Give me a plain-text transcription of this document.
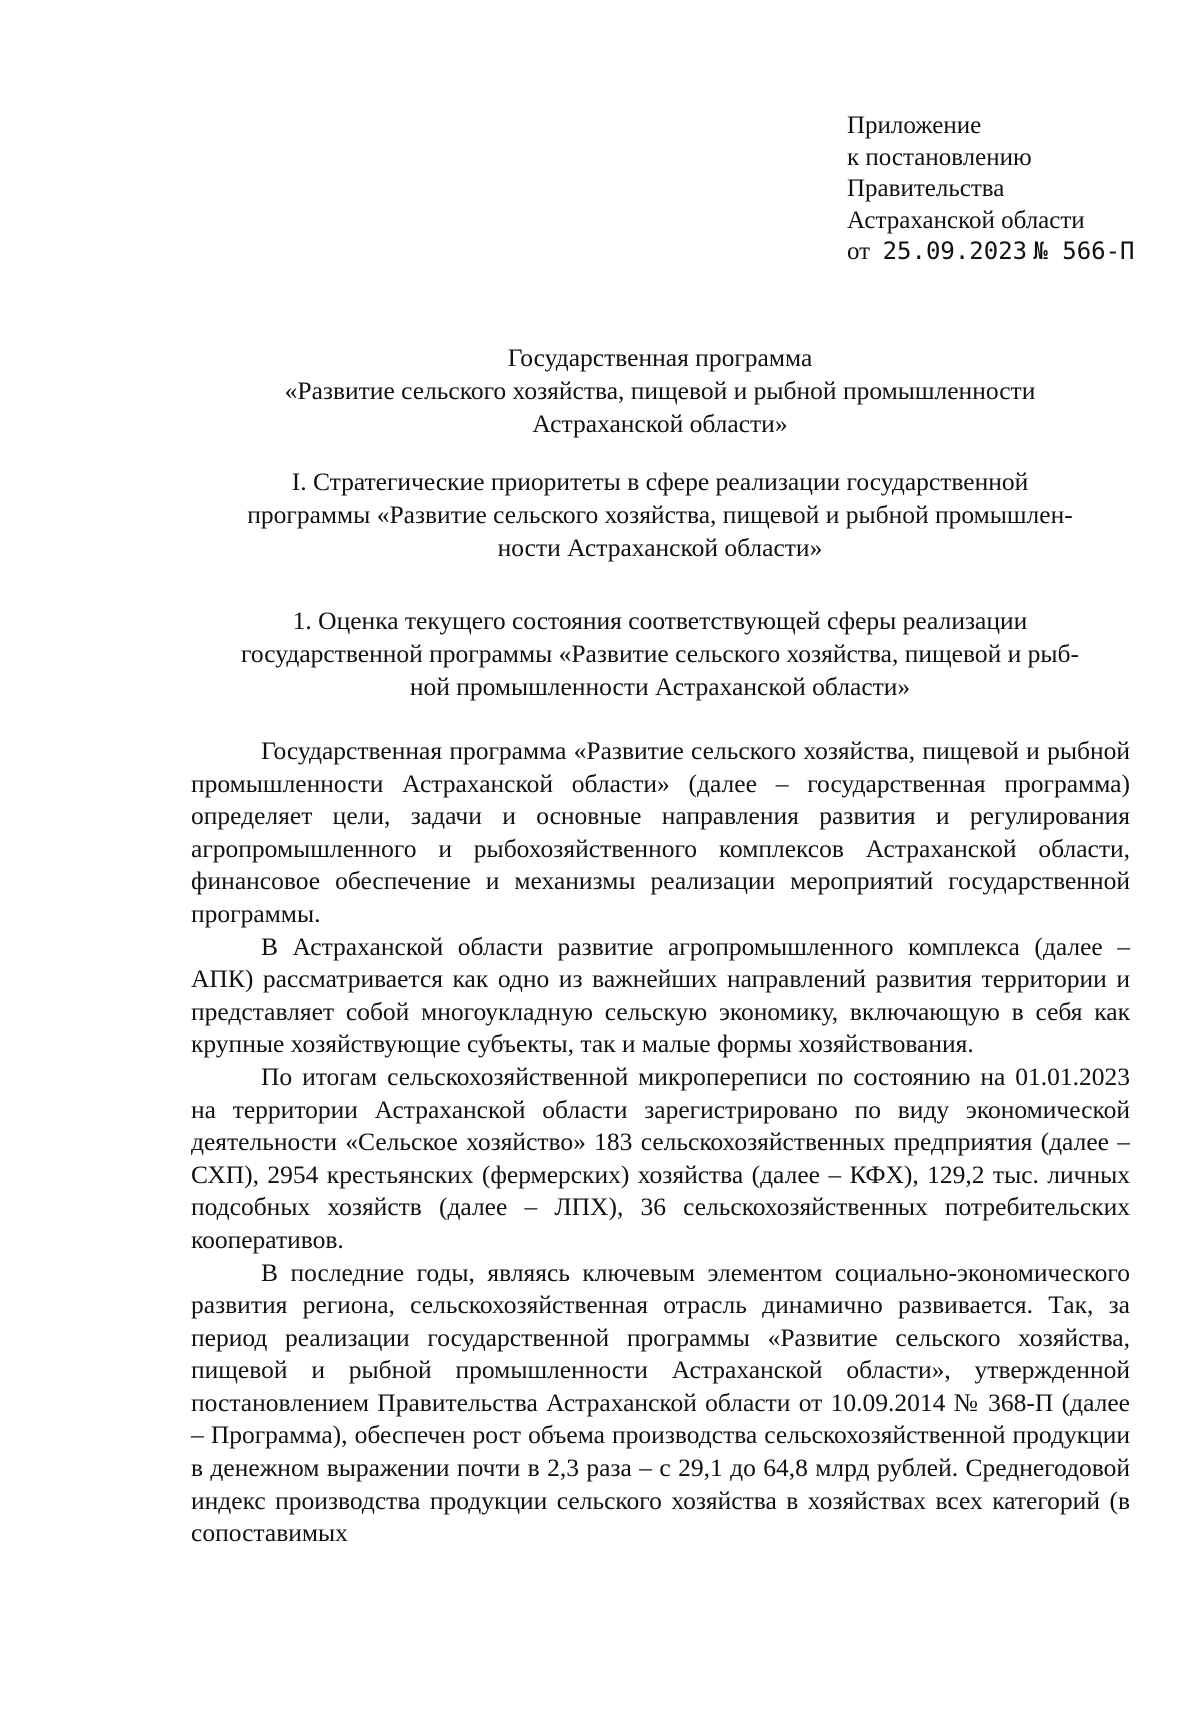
Приложение
к постановлению
Правительства
Астраханской области
от 25.09.2023 № 566-П
Государственная программа
«Развитие сельского хозяйства, пищевой и рыбной промышленности
Астраханской области»
I. Стратегические приоритеты в сфере реализации государственной
программы «Развитие сельского хозяйства, пищевой и рыбной промышлен-
ности Астраханской области»
1. Оценка текущего состояния соответствующей сферы реализации
государственной программы «Развитие сельского хозяйства, пищевой и рыб-
ной промышленности Астраханской области»

Государственная программа «Развитие сельского хозяйства, пищевой и рыбной промышленности Астраханской области» (далее – государственная программа) определяет цели, задачи и основные направления развития и регулирования агропромышленного и рыбохозяйственного комплексов Астраханской области, финансовое обеспечение и механизмы реализации мероприятий государственной программы.

В Астраханской области развитие агропромышленного комплекса (далее – АПК) рассматривается как одно из важнейших направлений развития территории и представляет собой многоукладную сельскую экономику, включающую в себя как крупные хозяйствующие субъекты, так и малые формы хозяйствования.

По итогам сельскохозяйственной микропереписи по состоянию на 01.01.2023 на территории Астраханской области зарегистрировано по виду экономической деятельности «Сельское хозяйство» 183 сельскохозяйственных предприятия (далее – СХП), 2954 крестьянских (фермерских) хозяйства (далее – КФХ), 129,2 тыс. личных подсобных хозяйств (далее – ЛПХ), 36 сельскохозяйственных потребительских кооперативов.

В последние годы, являясь ключевым элементом социально-экономического развития региона, сельскохозяйственная отрасль динамично развивается. Так, за период реализации государственной программы «Развитие сельского хозяйства, пищевой и рыбной промышленности Астраханской области», утвержденной постановлением Правительства Астраханской области от 10.09.2014 № 368-П (далее – Программа), обеспечен рост объема производства сельскохозяйственной продукции в денежном выражении почти в 2,3 раза – с 29,1 до 64,8 млрд рублей. Среднегодовой индекс производства продукции сельского хозяйства в хозяйствах всех категорий (в сопоставимых
